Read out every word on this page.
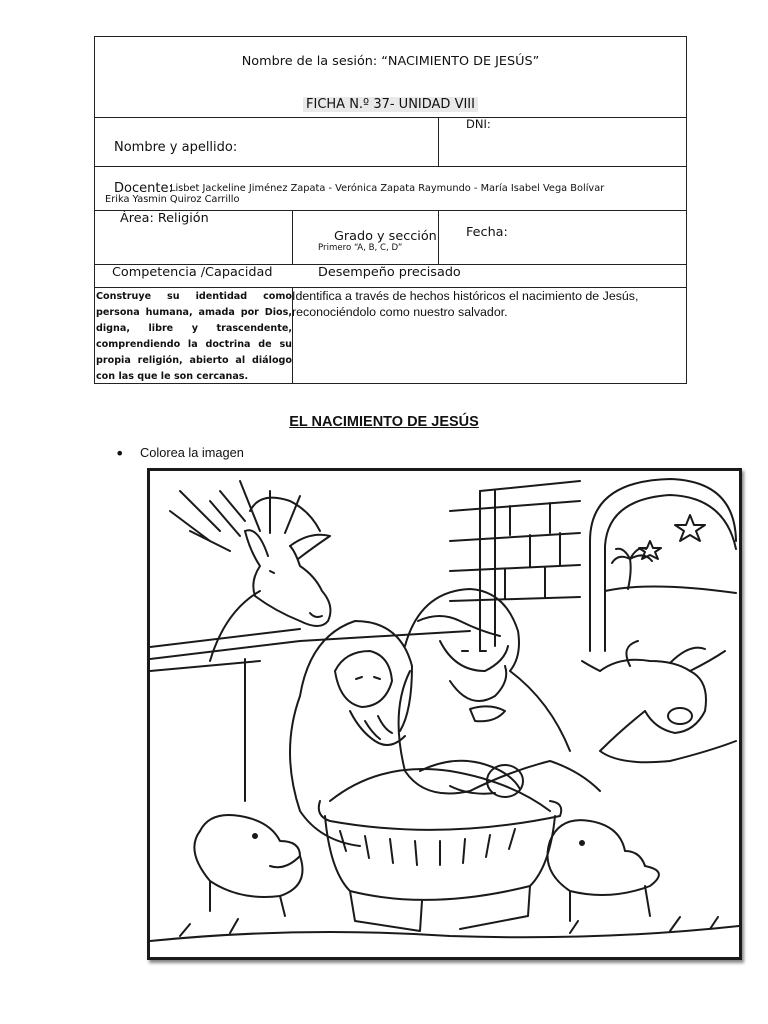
Nombre de la sesión: “NACIMIENTO DE JESÚS”
FICHA N.º 37- UNIDAD VIII
DNI:
Nombre y apellido:
Docente:
Lisbet Jackeline Jiménez Zapata - Verónica Zapata Raymundo - María Isabel Vega Bolívar
Erika Yasmin Quiroz Carrillo
Área: Religión
Grado y sección
Primero “A, B, C, D”
Fecha:
Competencia /Capacidad	Desempeño precisado
Construye su identidad como persona humana, amada por Dios, digna, libre y trascendente, comprendiendo la doctrina de su propia religión, abierto al diálogo con las que le son cercanas.
Identifica a través de hechos históricos el nacimiento de Jesús, reconociéndolo como nuestro salvador.
EL NACIMIENTO DE JESÚS
• Colorea la imagen
